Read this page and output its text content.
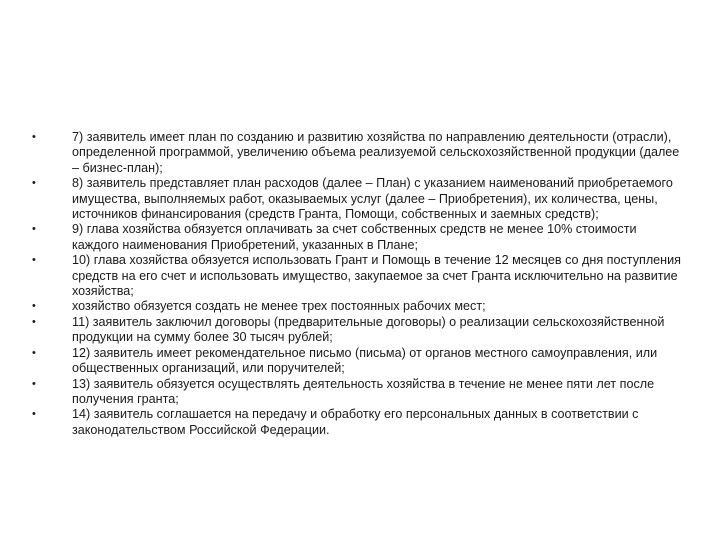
•	7) заявитель имеет план по созданию и развитию хозяйства по направлению деятельности (отрасли), определенной программой, увеличению объема реализуемой сельскохозяйственной продукции (далее – бизнес-план);
•	8) заявитель представляет план расходов (далее – План) с указанием наименований приобретаемого имущества, выполняемых работ, оказываемых услуг (далее – Приобретения), их количества, цены, источников финансирования (средств Гранта, Помощи, собственных и заемных средств);
•	9) глава хозяйства обязуется оплачивать за счет собственных средств не менее 10% стоимости каждого наименования Приобретений, указанных в Плане;
•	10) глава хозяйства обязуется использовать Грант и Помощь в течение 12 месяцев со дня поступления средств на его счет и использовать имущество, закупаемое за счет Гранта исключительно на развитие хозяйства;
•	хозяйство обязуется создать не менее трех постоянных рабочих мест;
•	11) заявитель заключил договоры (предварительные договоры) о реализации сельскохозяйственной продукции на сумму более 30 тысяч рублей;
•	12) заявитель имеет рекомендательное письмо (письма) от органов местного самоуправления, или общественных организаций, или поручителей;
•	13) заявитель обязуется осуществлять деятельность хозяйства в течение не менее пяти лет после получения гранта;
•	14) заявитель соглашается на передачу и обработку его персональных данных в соответствии с законодательством Российской Федерации.
